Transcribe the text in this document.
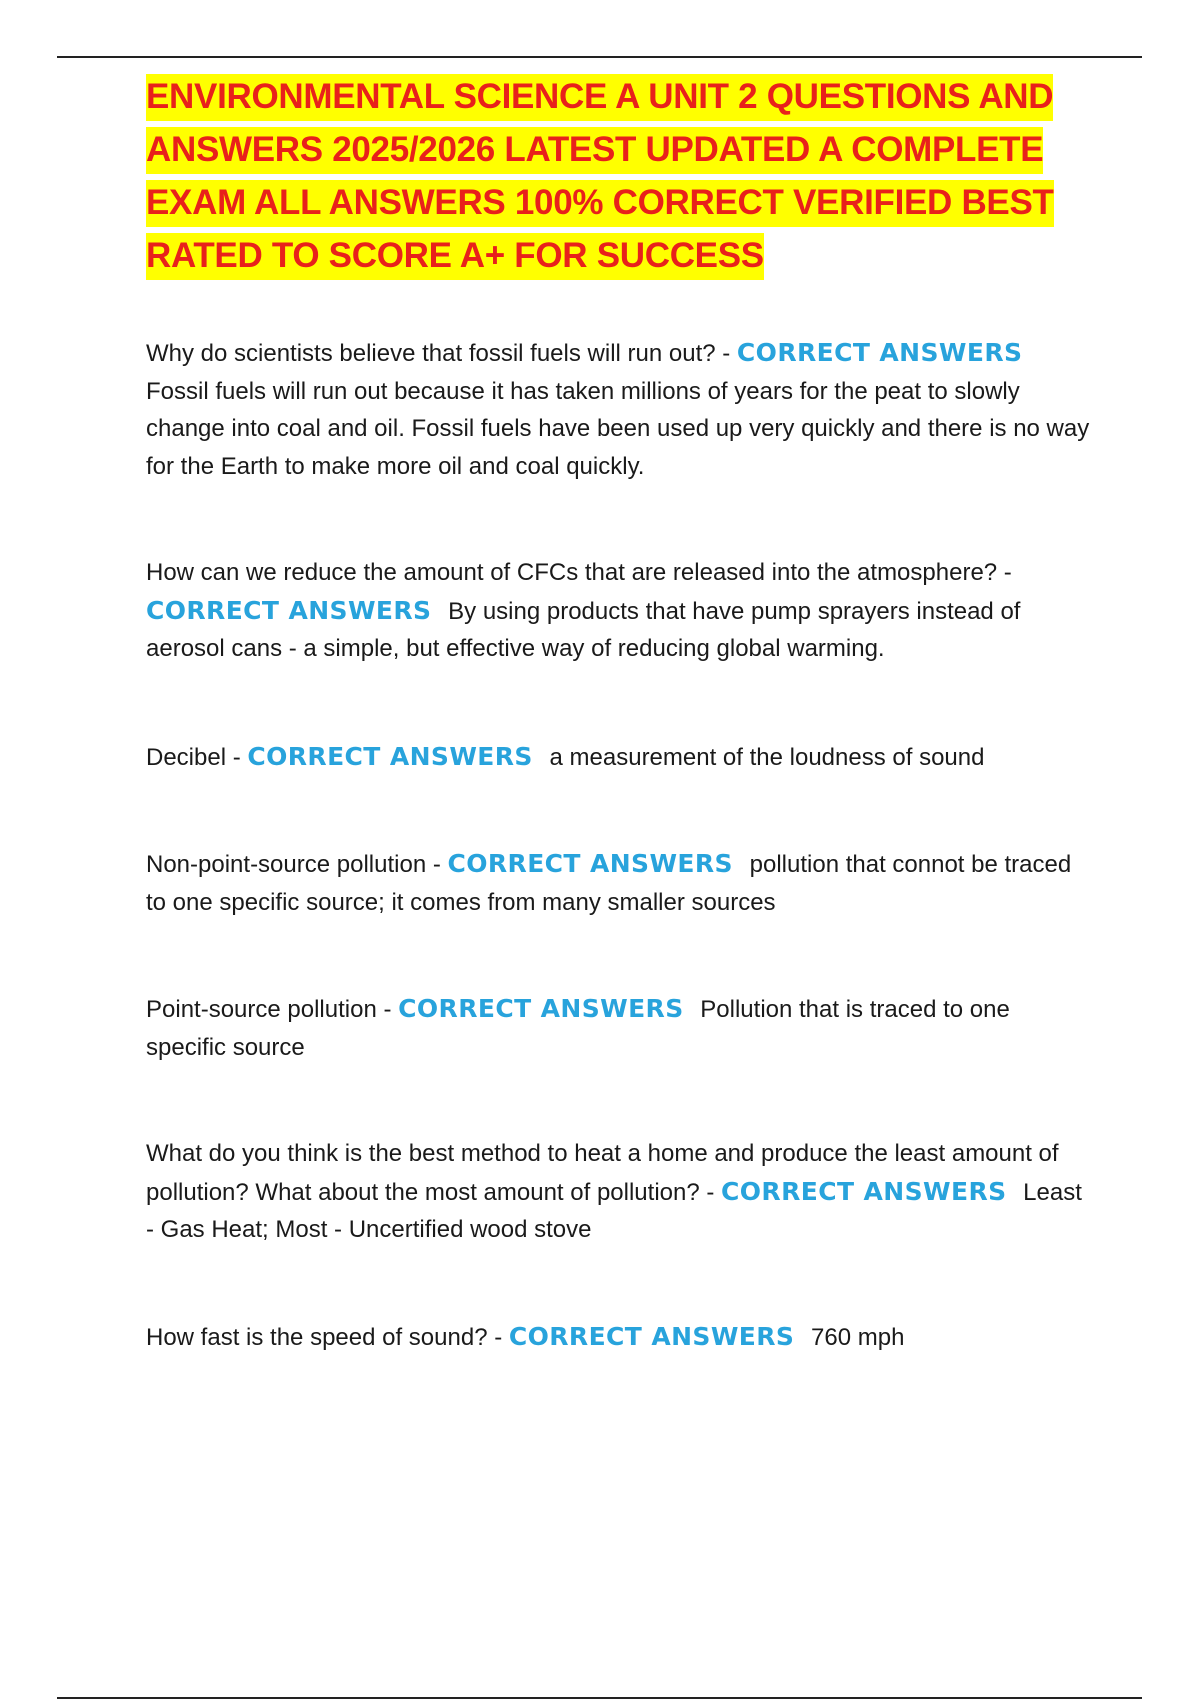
ENVIRONMENTAL SCIENCE A UNIT 2 QUESTIONS AND ANSWERS 2025/2026 LATEST UPDATED A COMPLETE EXAM ALL ANSWERS 100% CORRECT VERIFIED BEST RATED TO SCORE A+ FOR SUCCESS

Why do scientists believe that fossil fuels will run out? - CORRECT ANSWERS
Fossil fuels will run out because it has taken millions of years for the peat to slowly change into coal and oil. Fossil fuels have been used up very quickly and there is no way for the Earth to make more oil and coal quickly.

How can we reduce the amount of CFCs that are released into the atmosphere? -
CORRECT ANSWERS By using products that have pump sprayers instead of aerosol cans - a simple, but effective way of reducing global warming.

Decibel - CORRECT ANSWERS a measurement of the loudness of sound

Non-point-source pollution - CORRECT ANSWERS pollution that connot be traced to one specific source; it comes from many smaller sources

Point-source pollution - CORRECT ANSWERS Pollution that is traced to one specific source

What do you think is the best method to heat a home and produce the least amount of pollution? What about the most amount of pollution? - CORRECT ANSWERS Least - Gas Heat; Most - Uncertified wood stove

How fast is the speed of sound? - CORRECT ANSWERS 760 mph
